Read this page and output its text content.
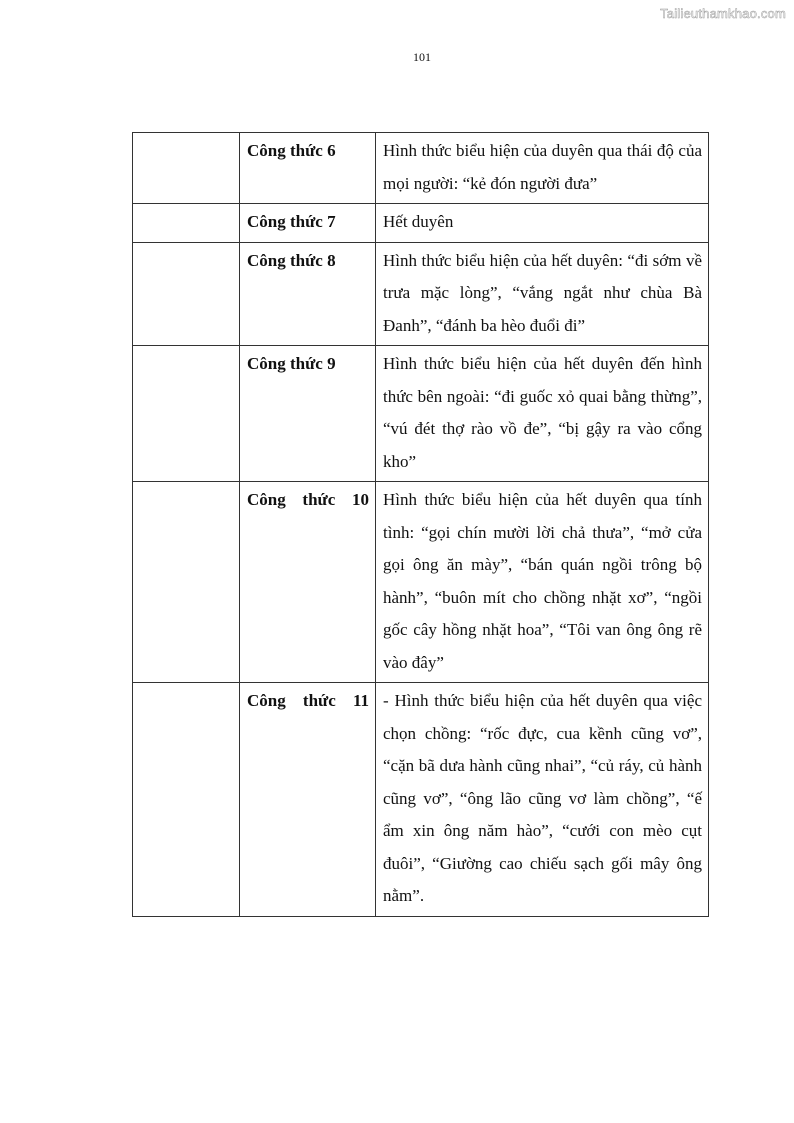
Tailieuthamkhao.com
101
	Công thức 6	Hình thức biểu hiện của duyên qua thái độ của mọi người: “kẻ đón người đưa”
	Công thức 7	Hết duyên
	Công thức 8	Hình thức biểu hiện của hết duyên: “đi sớm về trưa mặc lòng”, “vắng ngắt như chùa Bà Đanh”, “đánh ba hèo đuổi đi”
	Công thức 9	Hình thức biểu hiện của hết duyên đến hình thức bên ngoài: “đi guốc xỏ quai bằng thừng”, “vú đét thợ rào vồ đe”, “bị gậy ra vào cổng kho”
	Công thức 10	Hình thức biểu hiện của hết duyên qua tính tình: “gọi chín mười lời chả thưa”, “mở cửa gọi ông ăn mày”, “bán quán ngồi trông bộ hành”, “buôn mít cho chồng nhặt xơ”, “ngồi gốc cây hồng nhặt hoa”, “Tôi van ông ông rẽ vào đây”
	Công thức 11	- Hình thức biểu hiện của hết duyên qua việc chọn chồng: “rốc đực, cua kềnh cũng vơ”, “cặn bã dưa hành cũng nhai”, “củ ráy, củ hành cũng vơ”, “ông lão cũng vơ làm chồng”, “ế ẩm xin ông năm hào”, “cưới con mèo cụt đuôi”, “Giường cao chiếu sạch gối mây ông nằm”.
